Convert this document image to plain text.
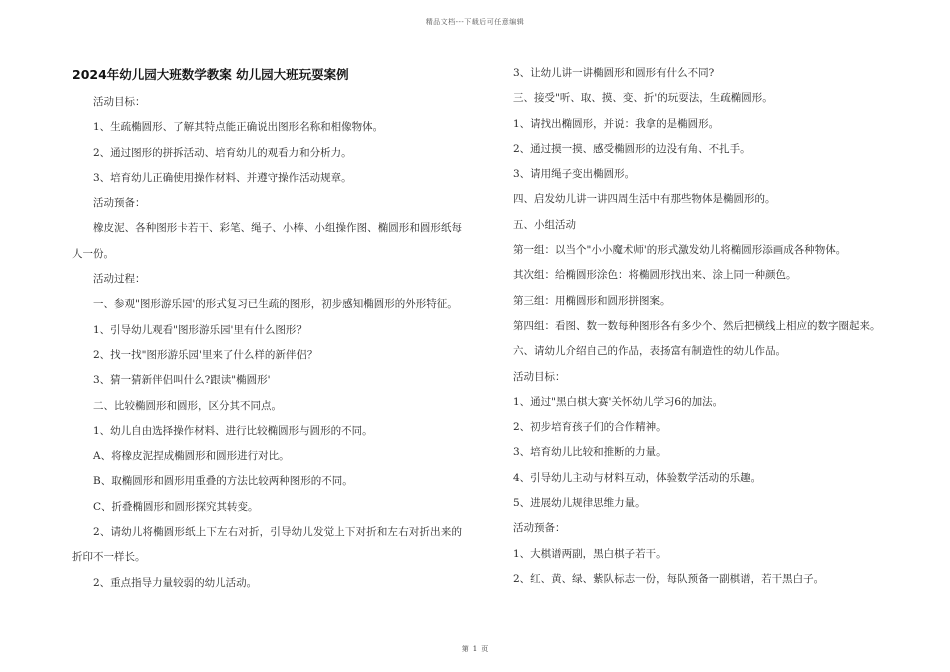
精品文档---下载后可任意编辑
2024年幼儿园大班数学教案 幼儿园大班玩耍案例

活动目标：

1、生疏椭圆形、了解其特点能正确说出图形名称和相像物体。

2、通过图形的拼拆活动、培育幼儿的观看力和分析力。

3、培育幼儿正确使用操作材料、并遵守操作活动规章。

活动预备：

橡皮泥、各种图形卡若干、彩笔、绳子、小棒、小组操作图、椭圆形和圆形纸每人一份。

活动过程：

一、参观"图形游乐园'的形式复习已生疏的图形，初步感知椭圆形的外形特征。

1、引导幼儿观看"图形游乐园'里有什么图形？

2、找一找"图形游乐园'里来了什么样的新伴侣？

3、猜一猜新伴侣叫什么?跟读"椭圆形'

二、比较椭圆形和圆形，区分其不同点。

1、幼儿自由选择操作材料、进行比较椭圆形与圆形的不同。

A、将橡皮泥捏成椭圆形和圆形进行对比。

B、取椭圆形和圆形用重叠的方法比较两种图形的不同。

C、折叠椭圆形和圆形探究其转变。

2、请幼儿将椭圆形纸上下左右对折，引导幼儿发觉上下对折和左右对折出来的折印不一样长。

2、重点指导力量较弱的幼儿活动。

3、让幼儿讲一讲椭圆形和圆形有什么不同?

三、接受"听、取、摸、变、折'的玩耍法，生疏椭圆形。

1、请找出椭圆形，并说：我拿的是椭圆形。

2、通过摸一摸、感受椭圆形的边没有角、不扎手。

3、请用绳子变出椭圆形。

四、启发幼儿讲一讲四周生活中有那些物体是椭圆形的。

五、小组活动

第一组：以当个"小小魔术师'的形式激发幼儿将椭圆形添画成各种物体。

其次组：给椭圆形涂色：将椭圆形找出来、涂上同一种颜色。

第三组：用椭圆形和圆形拼图案。

第四组：看图、数一数每种图形各有多少个、然后把横线上相应的数字圈起来。

六、请幼儿介绍自己的作品，表扬富有制造性的幼儿作品。

活动目标：

1、通过"黑白棋大赛'关怀幼儿学习6的加法。

2、初步培育孩子们的合作精神。

3、培育幼儿比较和推断的力量。

4、引导幼儿主动与材料互动，体验数学活动的乐趣。

5、进展幼儿规律思维力量。

活动预备：

1、大棋谱两副，黑白棋子若干。

2、红、黄、绿、紫队标志一份，每队预备一副棋谱，若干黑白子。

第 1 页
